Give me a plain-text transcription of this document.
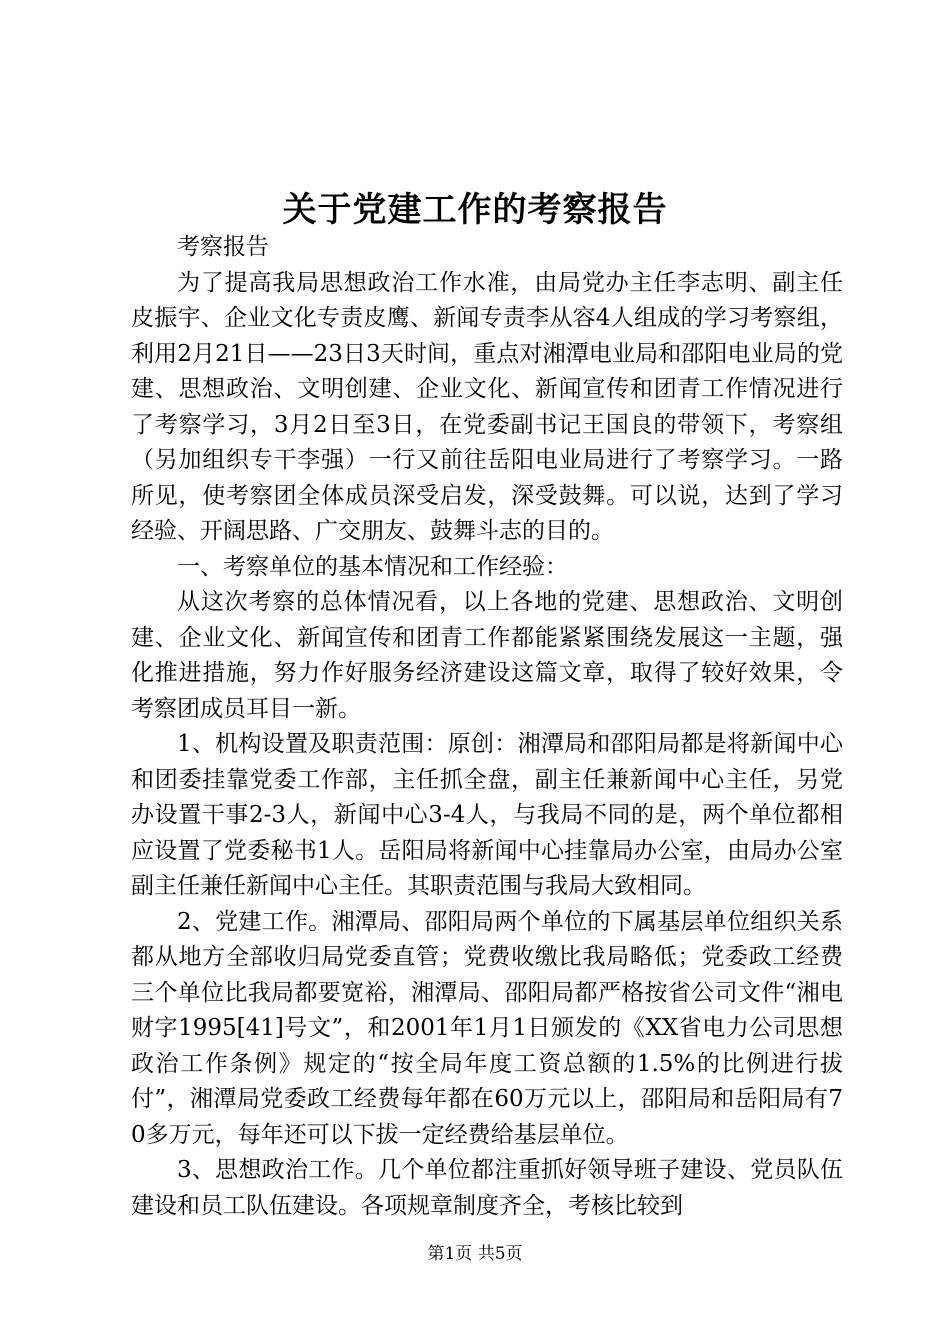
关于党建工作的考察报告

考察报告

为了提高我局思想政治工作水准，由局党办主任李志明、副主任皮振宇、企业文化专责皮鹰、新闻专责李从容4人组成的学习考察组，利用2月21日——23日3天时间，重点对湘潭电业局和邵阳电业局的党建、思想政治、文明创建、企业文化、新闻宣传和团青工作情况进行了考察学习，3月2日至3日，在党委副书记王国良的带领下，考察组（另加组织专干李强）一行又前往岳阳电业局进行了考察学习。一路所见，使考察团全体成员深受启发，深受鼓舞。可以说，达到了学习经验、开阔思路、广交朋友、鼓舞斗志的目的。

一、考察单位的基本情况和工作经验：

从这次考察的总体情况看，以上各地的党建、思想政治、文明创建、企业文化、新闻宣传和团青工作都能紧紧围绕发展这一主题，强化推进措施，努力作好服务经济建设这篇文章，取得了较好效果，令考察团成员耳目一新。

1、机构设置及职责范围：原创：湘潭局和邵阳局都是将新闻中心和团委挂靠党委工作部，主任抓全盘，副主任兼新闻中心主任，另党办设置干事2-3人，新闻中心3-4人，与我局不同的是，两个单位都相应设置了党委秘书1人。岳阳局将新闻中心挂靠局办公室，由局办公室副主任兼任新闻中心主任。其职责范围与我局大致相同。

2、党建工作。湘潭局、邵阳局两个单位的下属基层单位组织关系都从地方全部收归局党委直管；党费收缴比我局略低；党委政工经费三个单位比我局都要宽裕，湘潭局、邵阳局都严格按省公司文件“湘电财字1995[41]号文”，和2001年1月1日颁发的《XX省电力公司思想政治工作条例》规定的“按全局年度工资总额的1.5%的比例进行拔付”，湘潭局党委政工经费每年都在60万元以上，邵阳局和岳阳局有70多万元，每年还可以下拔一定经费给基层单位。

3、思想政治工作。几个单位都注重抓好领导班子建设、党员队伍建设和员工队伍建设。各项规章制度齐全，考核比较到

第1页 共5页
